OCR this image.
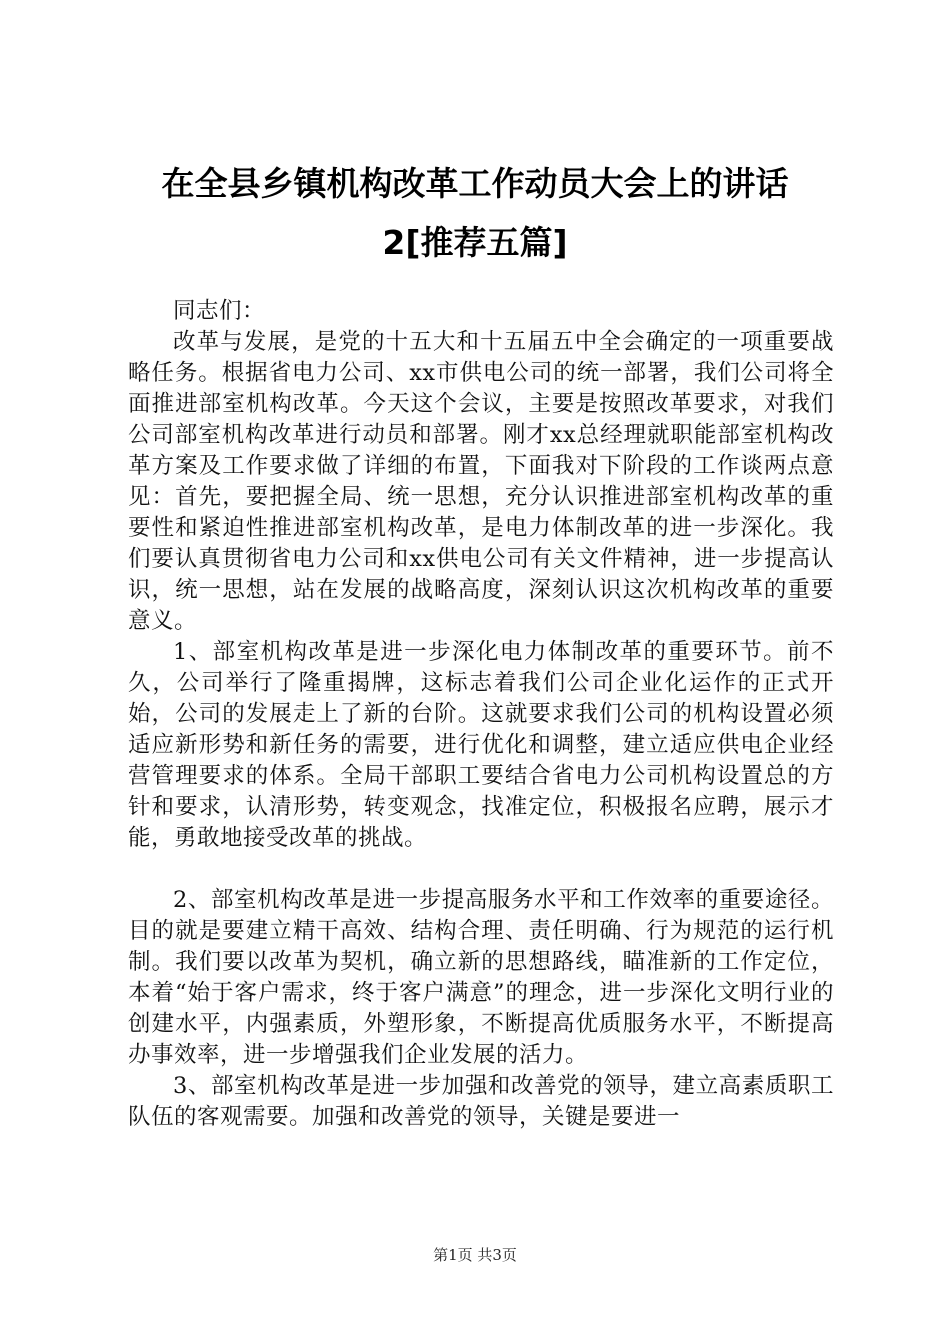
在全县乡镇机构改革工作动员大会上的讲话
2[推荐五篇]

同志们：

改革与发展，是党的十五大和十五届五中全会确定的一项重要战略任务。根据省电力公司、xx市供电公司的统一部署，我们公司将全面推进部室机构改革。今天这个会议，主要是按照改革要求，对我们公司部室机构改革进行动员和部署。刚才xx总经理就职能部室机构改革方案及工作要求做了详细的布置，下面我对下阶段的工作谈两点意见：首先，要把握全局、统一思想，充分认识推进部室机构改革的重要性和紧迫性推进部室机构改革，是电力体制改革的进一步深化。我们要认真贯彻省电力公司和xx供电公司有关文件精神，进一步提高认识，统一思想，站在发展的战略高度，深刻认识这次机构改革的重要意义。

1、部室机构改革是进一步深化电力体制改革的重要环节。前不久，公司举行了隆重揭牌，这标志着我们公司企业化运作的正式开始，公司的发展走上了新的台阶。这就要求我们公司的机构设置必须适应新形势和新任务的需要，进行优化和调整，建立适应供电企业经营管理要求的体系。全局干部职工要结合省电力公司机构设置总的方针和要求，认清形势，转变观念，找准定位，积极报名应聘，展示才能，勇敢地接受改革的挑战。

2、部室机构改革是进一步提高服务水平和工作效率的重要途径。目的就是要建立精干高效、结构合理、责任明确、行为规范的运行机制。我们要以改革为契机，确立新的思想路线，瞄准新的工作定位，本着“始于客户需求，终于客户满意”的理念，进一步深化文明行业的创建水平，内强素质，外塑形象，不断提高优质服务水平，不断提高办事效率，进一步增强我们企业发展的活力。

3、部室机构改革是进一步加强和改善党的领导，建立高素质职工队伍的客观需要。加强和改善党的领导，关键是要进一

第1页 共3页
